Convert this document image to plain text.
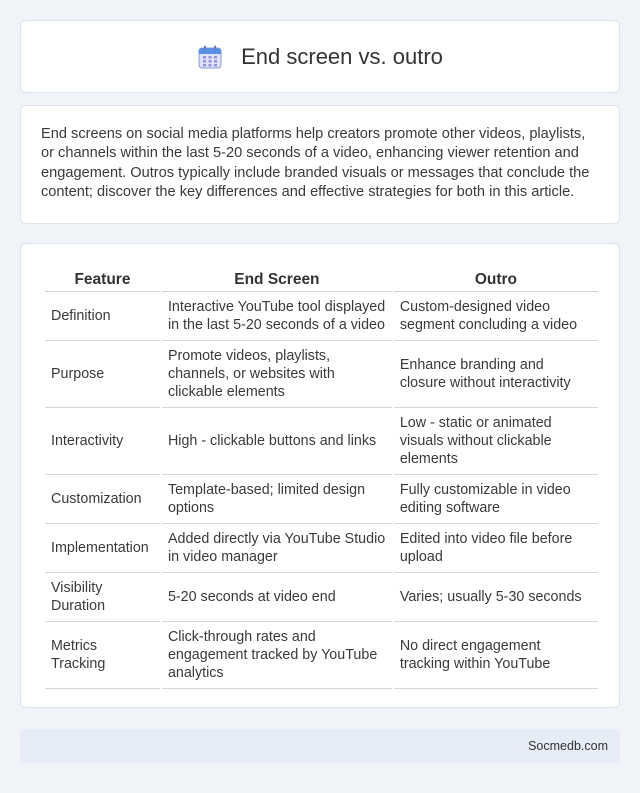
End screen vs. outro

End screens on social media platforms help creators promote other videos, playlists, or channels within the last 5-20 seconds of a video, enhancing viewer retention and engagement. Outros typically include branded visuals or messages that conclude the content; discover the key differences and effective strategies for both in this article.

Feature	End Screen	Outro
Definition	Interactive YouTube tool displayed in the last 5-20 seconds of a video	Custom-designed video segment concluding a video
Purpose	Promote videos, playlists, channels, or websites with clickable elements	Enhance branding and closure without interactivity
Interactivity	High - clickable buttons and links	Low - static or animated visuals without clickable elements
Customization	Template-based; limited design options	Fully customizable in video editing software
Implementation	Added directly via YouTube Studio in video manager	Edited into video file before upload
Visibility Duration	5-20 seconds at video end	Varies; usually 5-30 seconds
Metrics Tracking	Click-through rates and engagement tracked by YouTube analytics	No direct engagement tracking within YouTube
Socmedb.com
